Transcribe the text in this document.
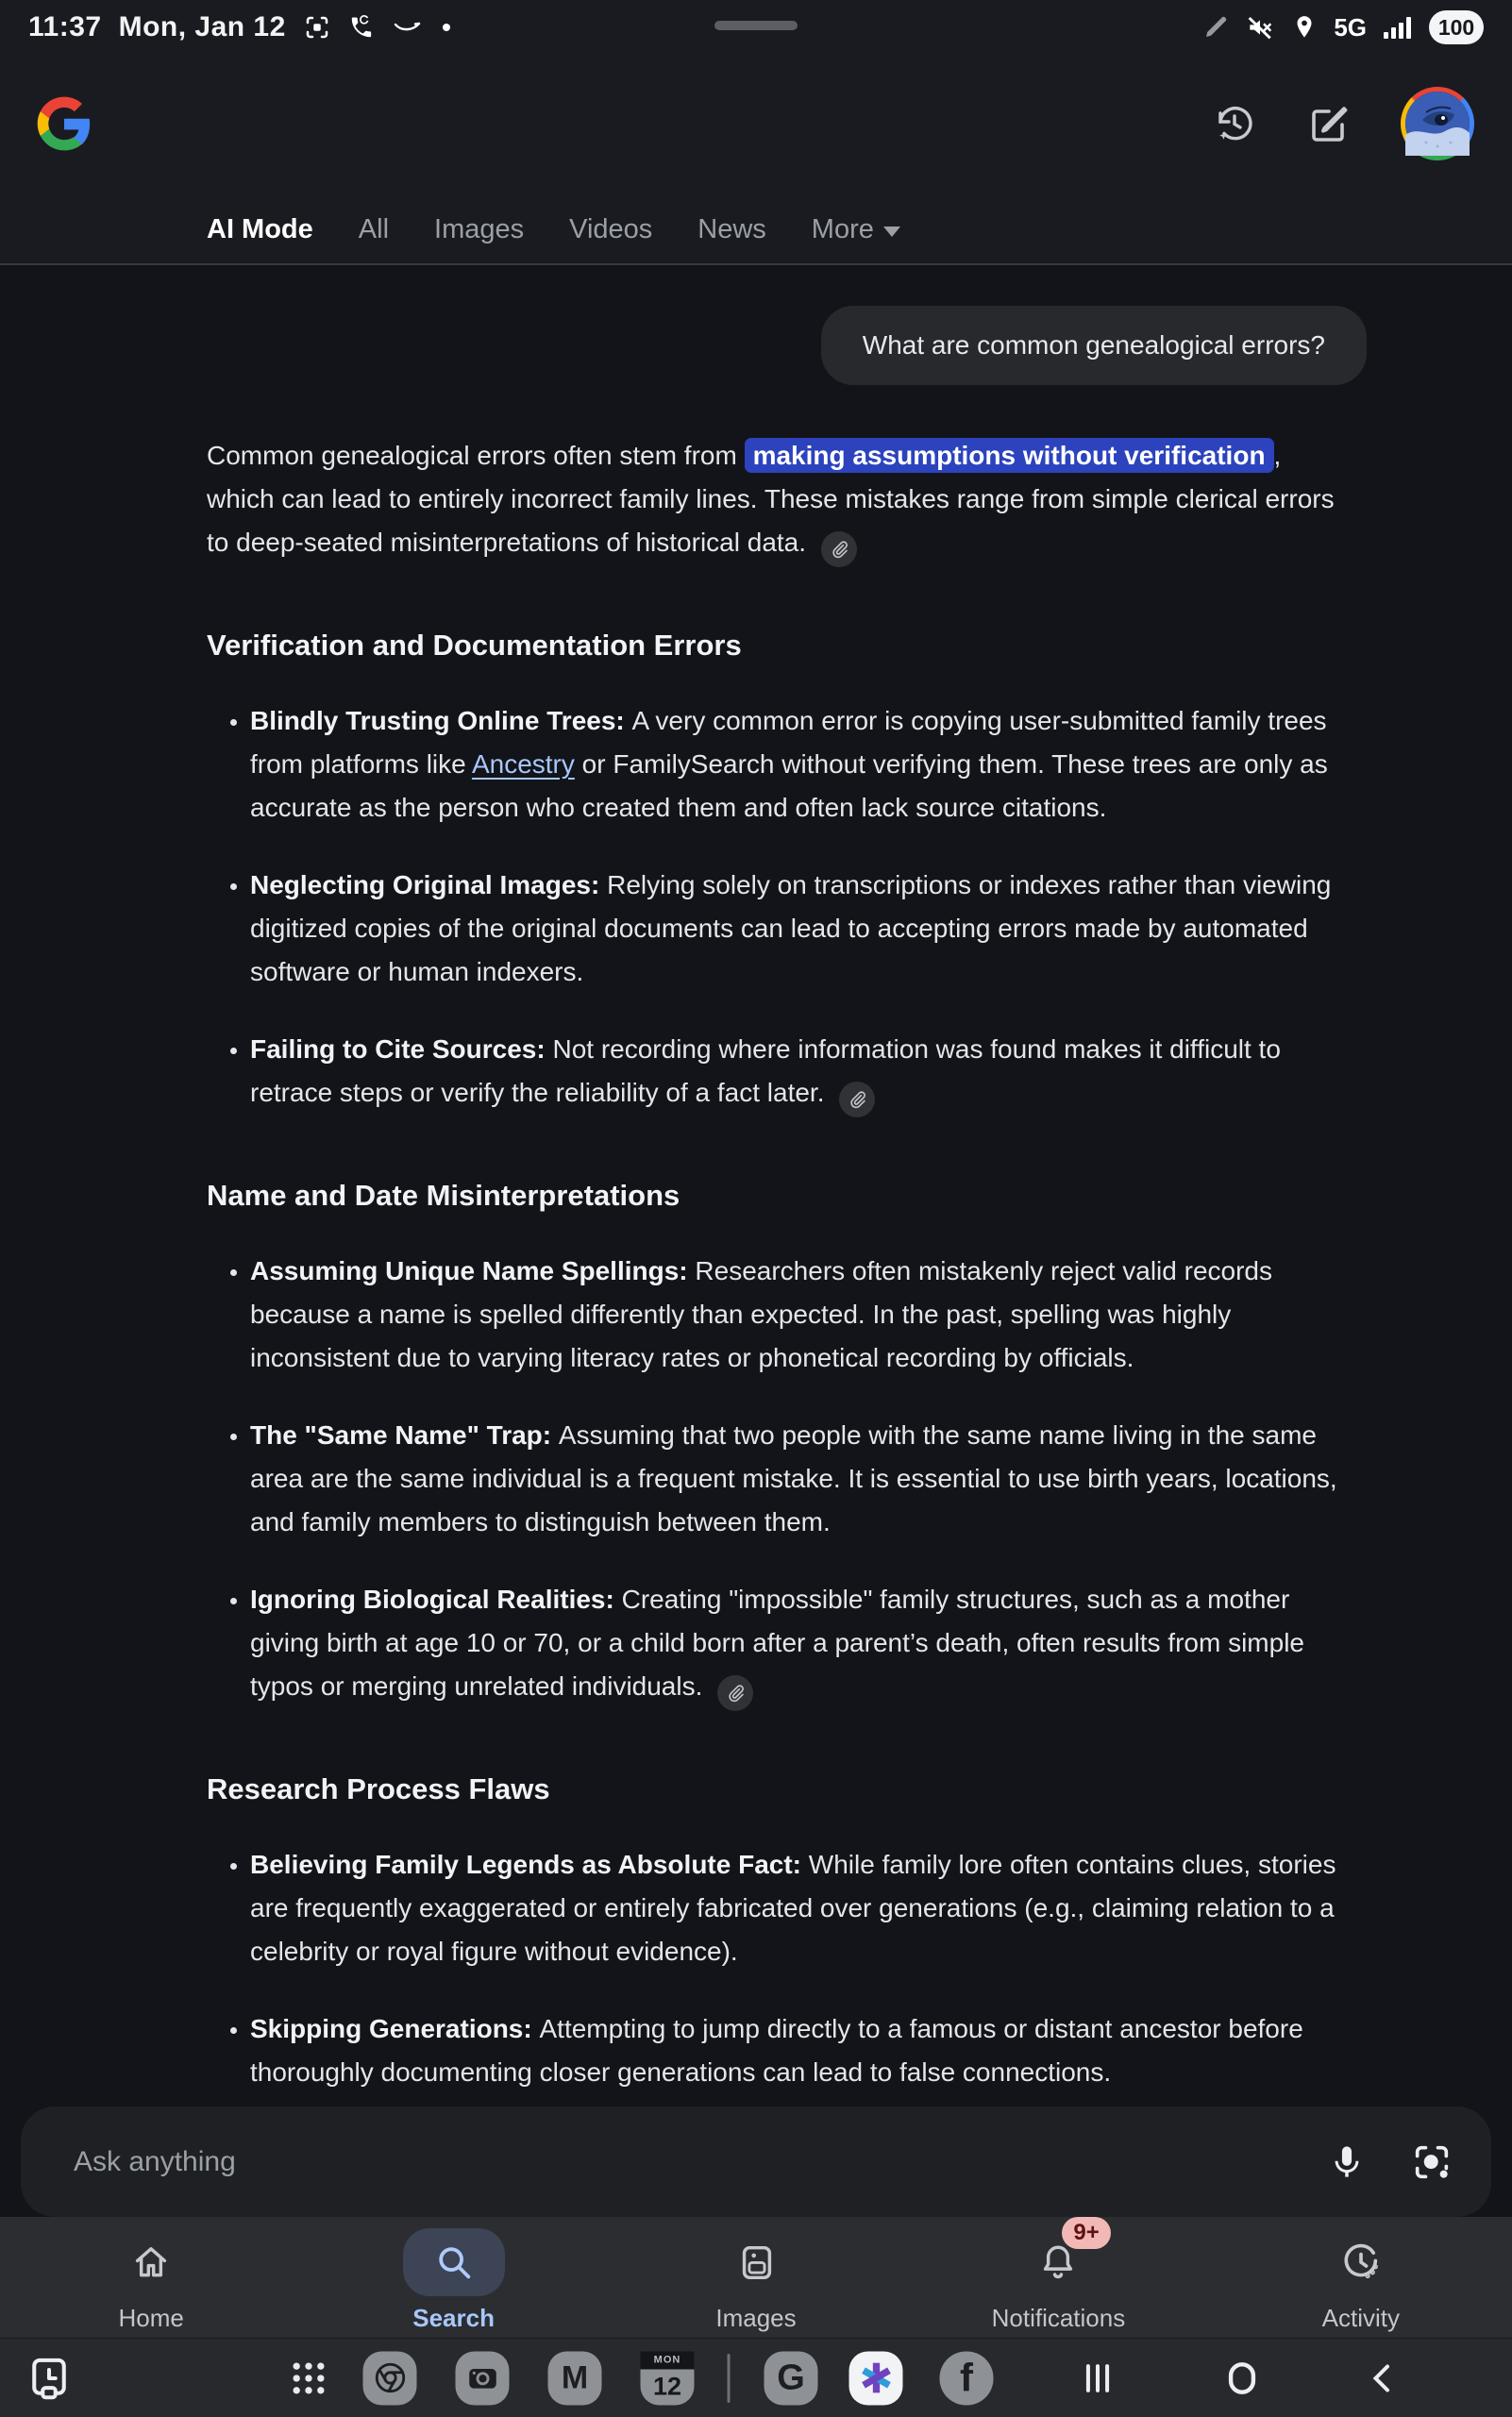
11:37 Mon, Jan 12	5G	100
AI Mode All Images Videos News More
What are common genealogical errors?

Common genealogical errors often stem from making assumptions without verification , which can lead to entirely incorrect family lines. These mistakes range from simple clerical errors to deep-seated misinterpretations of historical data.

Verification and Documentation Errors
• Blindly Trusting Online Trees: A very common error is copying user-submitted family trees from platforms like Ancestry or FamilySearch without verifying them. These trees are only as accurate as the person who created them and often lack source citations.
• Neglecting Original Images: Relying solely on transcriptions or indexes rather than viewing digitized copies of the original documents can lead to accepting errors made by automated software or human indexers.
• Failing to Cite Sources: Not recording where information was found makes it difficult to retrace steps or verify the reliability of a fact later.
Name and Date Misinterpretations
• Assuming Unique Name Spellings: Researchers often mistakenly reject valid records because a name is spelled differently than expected. In the past, spelling was highly inconsistent due to varying literacy rates or phonetical recording by officials.
• The "Same Name" Trap: Assuming that two people with the same name living in the same area are the same individual is a frequent mistake. It is essential to use birth years, locations, and family members to distinguish between them.
• Ignoring Biological Realities: Creating "impossible" family structures, such as a mother giving birth at age 10 or 70, or a child born after a parent’s death, often results from simple typos or merging unrelated individuals.
Research Process Flaws
• Believing Family Legends as Absolute Fact: While family lore often contains clues, stories are frequently exaggerated or entirely fabricated over generations (e.g., claiming relation to a celebrity or royal figure without evidence).
• Skipping Generations: Attempting to jump directly to a famous or distant ancestor before thoroughly documenting closer generations can lead to false connections.
•
Ask anything
Home	Search	Images
9+
Notifications	Activity
M	MON
12	G	f
